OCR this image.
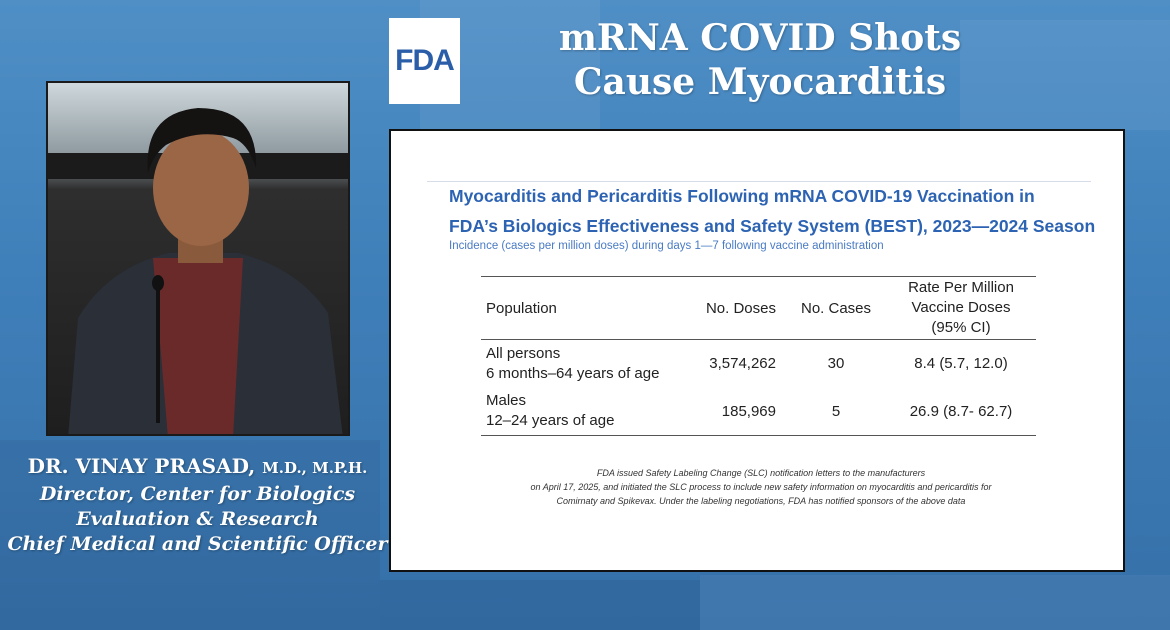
FDA
mRNA COVID Shots
Cause Myocarditis
DR. VINAY PRASAD, M.D., M.P.H.
Director, Center for Biologics
Evaluation & Research
Chief Medical and Scientific Officer
Myocarditis and Pericarditis Following mRNA COVID-19 Vaccination in
FDA’s Biologics Effectiveness and Safety System (BEST), 2023—2024 Season
Incidence (cases per million doses) during days 1—7 following vaccine administration
Population	No. Doses	No. Cases	Rate Per Million
Vaccine Doses
(95% CI)

All persons
6 months–64 years of age	3,574,262	30	8.4 (5.7, 12.0)

Males
12–24 years of age	185,969	5	26.9 (8.7- 62.7)
FDA issued Safety Labeling Change (SLC) notification letters to the manufacturers
on April 17, 2025, and initiated the SLC process to include new safety information on myocarditis and pericarditis for
Comirnaty and Spikevax. Under the labeling negotiations, FDA has notified sponsors of the above data
